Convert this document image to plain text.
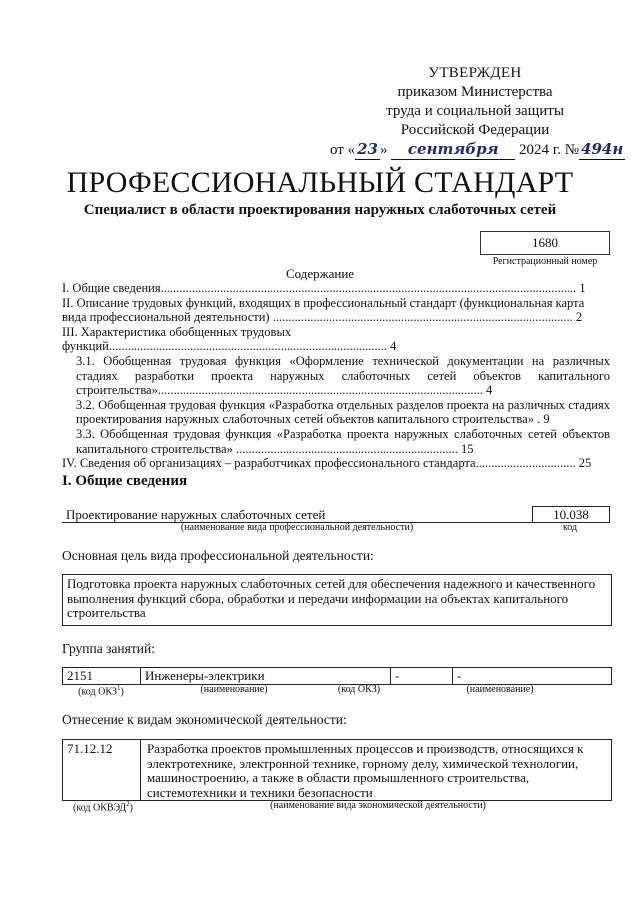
УТВЕРЖДЕН
приказом Министерства
труда и социальной защиты
Российской Федерации
от « 23 » сентября 2024 г. № 494н
ПРОФЕССИОНАЛЬНЫЙ СТАНДАРТ
Специалист в области проектирования наружных слаботочных сетей
1680
Регистрационный номер
Содержание
I. Общие сведения..................................................................................................................................... 1
II. Описание трудовых функций, входящих в профессиональный стандарт (функциональная карта вида профессиональной деятельности) ................................................................................................ 2
III. Характеристика обобщенных трудовых функций......................................................................................... 4
3.1. Обобщенная трудовая функция «Оформление технической документации на различных стадиях разработки проекта наружных слаботочных сетей объектов капитального строительства»........................................................................................................ 4
3.2. Обобщенная трудовая функция «Разработка отдельных разделов проекта на различных стадиях проектирования наружных слаботочных сетей объектов капитального строительства» . 9
3.3. Обобщенная трудовая функция «Разработка проекта наружных слаботочных сетей объектов капитального строительства» ....................................................................... 15
IV. Сведения об организациях – разработчиках профессионального стандарта................................ 25
I. Общие сведения
Проектирование наружных слаботочных сетей	10.038
(наименование вида профессиональной деятельности)	код
Основная цель вида профессиональной деятельности:
Подготовка проекта наружных слаботочных сетей для обеспечения надежного и качественного выполнения функций сбора, обработки и передачи информации на объектах капитального строительства
Группа занятий:
2151	Инженеры-электрики	-	-
(код ОКЗ$^1$)	(наименование)	(код ОКЗ)	(наименование)
Отнесение к видам экономической деятельности:
71.12.12	Разработка проектов промышленных процессов и производств, относящихся к электротехнике, электронной технике, горному делу, химической технологии, машиностроению, а также в области промышленного строительства, системотехники и техники безопасности
(код ОКВЭД$^2$)	(наименование вида экономической деятельности)
